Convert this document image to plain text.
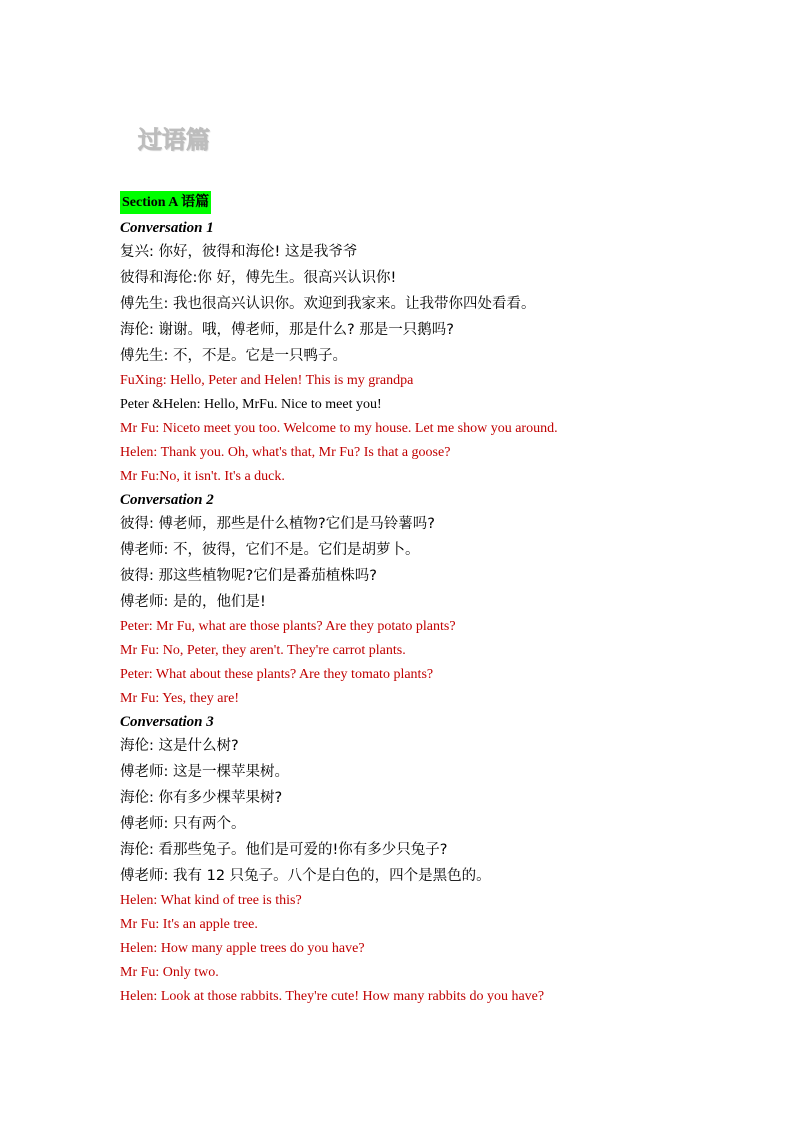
过语篇
Section A 语篇
Conversation 1
复兴: 你好，彼得和海伦! 这是我爷爷
彼得和海伦:你 好，傅先生。很高兴认识你!
傅先生: 我也很高兴认识你。欢迎到我家来。让我带你四处看看。
海伦: 谢谢。哦，傅老师，那是什么? 那是一只鹅吗?
傅先生: 不，不是。它是一只鸭子。
FuXing: Hello, Peter and Helen! This is my grandpa
Peter &Helen: Hello, MrFu. Nice to meet you!
Mr Fu: Niceto meet you too. Welcome to my house. Let me show you around.
Helen: Thank you. Oh, what's that, Mr Fu? Is that a goose?
Mr Fu:No, it isn't. It's a duck.
Conversation 2
彼得: 傅老师，那些是什么植物?它们是马铃薯吗?
傅老师: 不，彼得，它们不是。它们是胡萝卜。
彼得: 那这些植物呢?它们是番茄植株吗?
傅老师: 是的，他们是!
Peter: Mr Fu, what are those plants? Are they potato plants?
Mr Fu: No, Peter, they aren't. They're carrot plants.
Peter: What about these plants? Are they tomato plants?
Mr Fu: Yes, they are!
Conversation 3
海伦: 这是什么树?
傅老师: 这是一棵苹果树。
海伦: 你有多少棵苹果树?
傅老师: 只有两个。
海伦: 看那些兔子。他们是可爱的!你有多少只兔子?
傅老师: 我有 12 只兔子。八个是白色的，四个是黑色的。
Helen: What kind of tree is this?
Mr Fu: It's an apple tree.
Helen: How many apple trees do you have?
Mr Fu: Only two.
Helen: Look at those rabbits. They're cute! How many rabbits do you have?
